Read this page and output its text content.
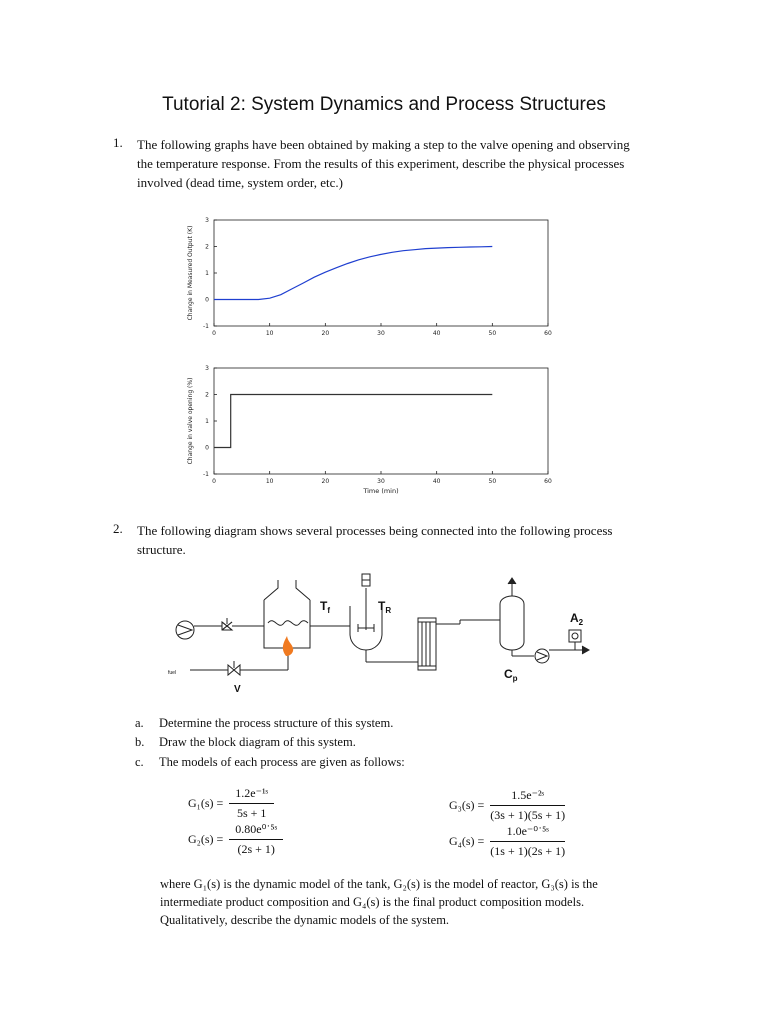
Tutorial 2: System Dynamics and Process Structures
1. The following graphs have been obtained by making a step to the valve opening and observing
the temperature response. From the results of this experiment, describe the physical processes
involved (dead time, system order, etc.)
0	10	20	30	40	50	60
-1
0
1
2
3
Change in Measured Output (K)
0	10	20	30	40	50	60
-1
0
1
2
3
Change in valve opening (%)
Time (min)
2. The following diagram shows several processes being connected into the following process
structure.
$T_f$	$T_R$
$A_2$
$C_p$
V
fuel
a. Determine the process structure of this system.
b. Draw the block diagram of this system.
c. The models of each process are given as follows:
$G_1(s) = \frac{\text{1.2e⁻¹ˢ}}{5s + 1}$
$G_2(s) = \frac{\text{0.80e⁰˙⁵ˢ}}{(2s + 1)}$
$G_3(s) = \frac{\text{1.5e⁻²ˢ}}{(3s + 1)(5s + 1)}$
$G_4(s) = \frac{\text{1.0e⁻⁰˙⁵ˢ}}{(1s + 1)(2s + 1)}$
where G₁(s) is the dynamic model of the tank, G₂(s) is the model of reactor, G₃(s) is the
intermediate product composition and G₄(s) is the final product composition models.
Qualitatively, describe the dynamic models of the system.
